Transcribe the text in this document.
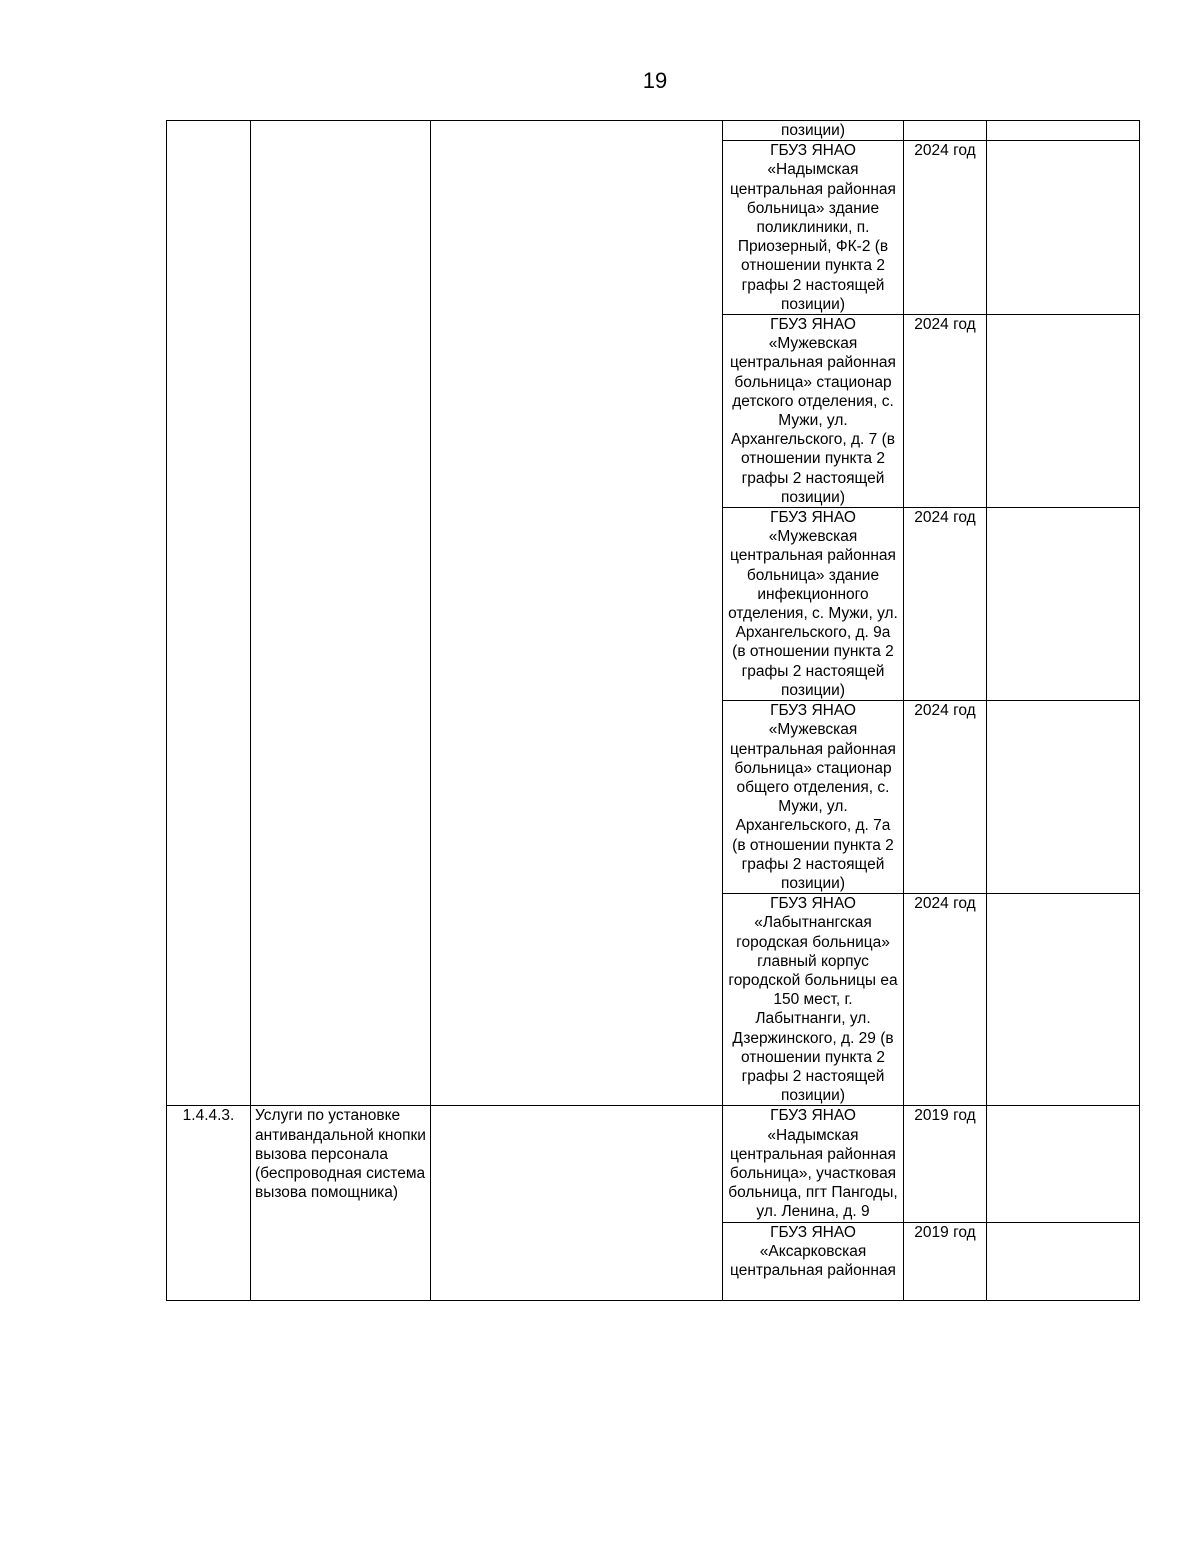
19

			позиции)		

			ГБУЗ ЯНАО «Надымская центральная районная больница» здание поликлиники, п. Приозерный, ФК-2 (в отношении пункта 2 графы 2 настоящей позиции)	2024 год	

			ГБУЗ ЯНАО «Мужевская центральная районная больница» стационар детского отделения, с. Мужи, ул. Архангельского, д. 7 (в отношении пункта 2 графы 2 настоящей позиции)	2024 год	

			ГБУЗ ЯНАО «Мужевская центральная районная больница» здание инфекционного отделения, с. Мужи, ул. Архангельского, д. 9а (в отношении пункта 2 графы 2 настоящей позиции)	2024 год	

			ГБУЗ ЯНАО «Мужевская центральная районная больница» стационар общего отделения, с. Мужи, ул. Архангельского, д. 7а (в отношении пункта 2 графы 2 настоящей позиции)	2024 год	

			ГБУЗ ЯНАО «Лабытнангская городская больница» главный корпус городской больницы еа 150 мест, г. Лабытнанги, ул. Дзержинского, д. 29 (в отношении пункта 2 графы 2 настоящей позиции)	2024 год	
1.4.4.3.	Услуги по установке антивандальной кнопки вызова персонала (беспроводная система вызова помощника)		ГБУЗ ЯНАО «Надымская центральная районная больница», участковая больница, пгт Пангоды, ул. Ленина, д. 9	2019 год	

			ГБУЗ ЯНАО «Аксарковская центральная районная	2019 год	
